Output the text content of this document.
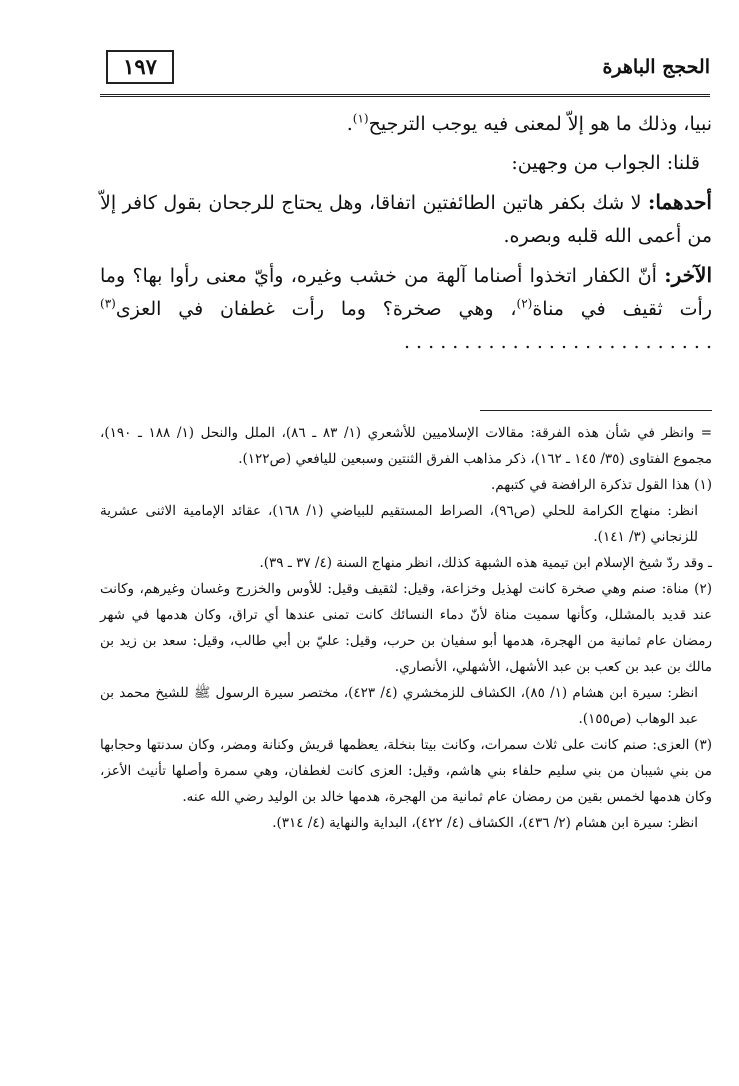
الحجج الباهرة
١٩٧

نبيا، وذلك ما هو إلاّ لمعنى فيه يوجب الترجيح$^{(١)}$.

قلنا: الجواب من وجهين:

أحدهما: لا شك بكفر هاتين الطائفتين اتفاقا، وهل يحتاج للرجحان بقول كافر إلاّ من أعمى الله قلبه وبصره.

الآخر: أنّ الكفار اتخذوا أصناما آلهة من خشب وغيره، وأيّ معنى رأوا بها؟ وما رأت ثقيف في مناة$^{(٢)}$، وهي صخرة؟ وما رأت غطفان في العزى$^{(٣)}$ . . . . . . . . . . . . . . . . . . . . . . . . . .

= وانظر في شأن هذه الفرقة: مقالات الإسلاميين للأشعري (١/ ٨٣ ـ ٨٦)، الملل والنحل (١/ ١٨٨ ـ ١٩٠)، مجموع الفتاوى (٣٥/ ١٤٥ ـ ١٦٢)، ذكر مذاهب الفرق الثنتين وسبعين لليافعي (ص١٢٢).

(١) هذا القول تذكرة الرافضة في كتبهم.

انظر: منهاج الكرامة للحلي (ص٩٦)، الصراط المستقيم للبياضي (١/ ١٦٨)، عقائد الإمامية الاثنى عشرية للزنجاني (٣/ ١٤١).

ـ وقد ردّ شيخ الإسلام ابن تيمية هذه الشبهة كذلك، انظر منهاج السنة (٤/ ٣٧ ـ ٣٩).

(٢) مناة: صنم وهي صخرة كانت لهذيل وخزاعة، وقيل: لثقيف وقيل: للأوس والخزرج وغسان وغيرهم، وكانت عند قديد بالمشلل، وكأنها سميت مناة لأنّ دماء النسائك كانت تمنى عندها أي تراق، وكان هدمها في شهر رمضان عام ثمانية من الهجرة، هدمها أبو سفيان بن حرب، وقيل: عليّ بن أبي طالب، وقيل: سعد بن زيد بن مالك بن عبد بن كعب بن عبد الأشهل، الأشهلي، الأنصاري.

انظر: سيرة ابن هشام (١/ ٨٥)، الكشاف للزمخشري (٤/ ٤٢٣)، مختصر سيرة الرسول ﷺ للشيخ محمد بن عبد الوهاب (ص١٥٥).

(٣) العزى: صنم كانت على ثلاث سمرات، وكانت بيتا بنخلة، يعظمها قريش وكنانة ومضر، وكان سدنتها وحجابها من بني شيبان من بني سليم حلفاء بني هاشم، وقيل: العزى كانت لغطفان، وهي سمرة وأصلها تأنيث الأعز، وكان هدمها لخمس بقين من رمضان عام ثمانية من الهجرة، هدمها خالد بن الوليد رضي الله عنه.

انظر: سيرة ابن هشام (٢/ ٤٣٦)، الكشاف (٤/ ٤٢٢)، البداية والنهاية (٤/ ٣١٤).
